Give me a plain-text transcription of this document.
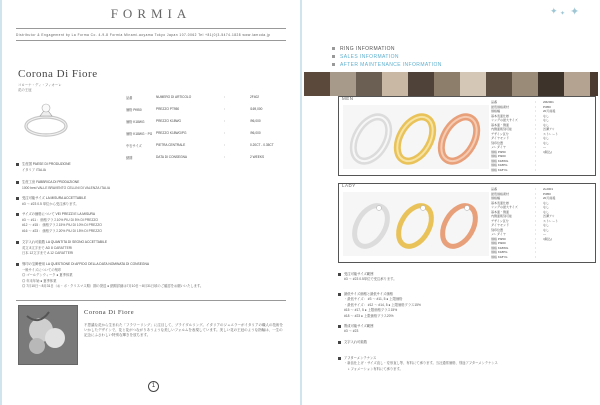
FORMIA
Distributor & Engagement by La Forma Co. 4-9-8 Formia Minami-aoyama Tokyo Japan 107-0062 Tel +81(0)3-5474-1828 www.lamoda.jp
Corona Di Fiore
コローナ・ディ・フィオーレ
花の王冠
品番	NUMERO DI ARTICOLO	:	2F402
価格 Pt950	PREZZO PT950	:	\169,000
価格 K18WG	PREZZO K18WG	:	\96,000
価格 K18WG・PG PREZZO K18WG/PG	:	\96,000
中石サイズ	PIETRA CENTRALE	:	0.20CT - 0.35CT
納期	DATA DI CONSEGNA	:	2 WEEKS
生産国 PAESE DI PRODUZIONE
イタリア ITALIA
生産工房 FABBRICA DI PRODUZIONE
1000 best VALLE BRAVENTO CELLINI DI VALENZA ITALIA
受注可能サイズ LA MISURA ACCETTABILE
#3 〜 #23 0.5 単位から受注承ります。
サイズの価格について VEI PREZZI E LA MISURA
#3 〜 #11 ：価格プラス10% PIU DI 5% DI PREZZO
#12 〜 #15 ：価格プラス15% PIU DI 10% DI PREZZO
#16 〜 #23 ：価格プラス20% PIU DI 15% DI PREZZO
文字入れ可能数 LA QUANTITA DI SEGNO ACCETTABILE
英文 8文字まで AD 8 CARATTERI
日本 12文字まで A 12 CARATTERI
刻印の宝飾使用 LA QUESTIONE DI AFFIDO DELLA DATA NOMINATA DI CONSEGNA
一般サイズについての刻印
◎ ゴールデンウィーク ● 夏季休業
◎ 年末年始 ● 夏季休業
◎ 7月10日〜8月31日（お・ボ・クリスマス期）期の発送 ● 納期詳細は7月10日〜8月31日頃のご確認をお願いいたします。
Corona Di Fiore
不思議な花から生まれた「フラワーリング」に注目して、ブライダルリング。イタリアのジュエラーがイタリアの職人の技術をいかしたデザインで、花と花がつながりあうような美しいフォルムを表現しています。美しい花の王冠のような指輪は、一生の記念にふさわしい特別な輝きを放ちます。
1
✦ ✦ ✦
RING INFORMATION
SALES INFORMATION
AFTER MAINTENANCE INFORMATION
MEN
品番	： 2M2001
最低価格素材	： Pt950
価格幅	： 20万前後
基本表面仕様	： なし
リングの最大サイズ	： なし
基本面・側面	： なし
内側面彫刻可能	： 凹溝アリ
デザイン区分	： ストレート
ダイヤモンド	： なし
刻印位置	： なし
メレダイヤ	： ―
価格 Pt950	： \(税込)
価格 Pt900	：
価格 K18WG	：
価格 K18PG	：
価格 K18YG	：
LADY
品番	： 2L2001
最低価格素材	： Pt950
価格幅	： 20万前後
基本表面仕様	： なし
リングの最大サイズ	： なし
基本面・側面	： なし
内側面彫刻可能	： 凹溝アリ
デザイン区分	： ストレート
ダイヤモンド	： なし
刻印位置	： なし
メレダイヤ	： ―
価格 Pt950	： \(税込)
価格 Pt900	：
価格 K18WG	：
価格 K18PG	：
価格 K18YG	：
受注可能サイズ範囲
#3 〜 #23 0.5単位で受注承ります。
最低サイズ価格と最低サイズ価格
・最低サイズ： #3 〜 #11, 5 ● 上限価格
・最低サイズ： #12 〜 #14, 5 ● 上限価格プラス15%
#15 〜 #17, 5 ● 上限価格プラス15%
#18 〜 #23 ● 上限価格プラス20%
既成可能サイズ範囲
#3 〜 #23
文字入れ可能数
アフターメンテナンス
・新品仕上げ・サイズ直し・変形直し等、有料にて承ります。当社通常価格、別途アフターメンテナンス
　レフォメーション有料にて承ります。
